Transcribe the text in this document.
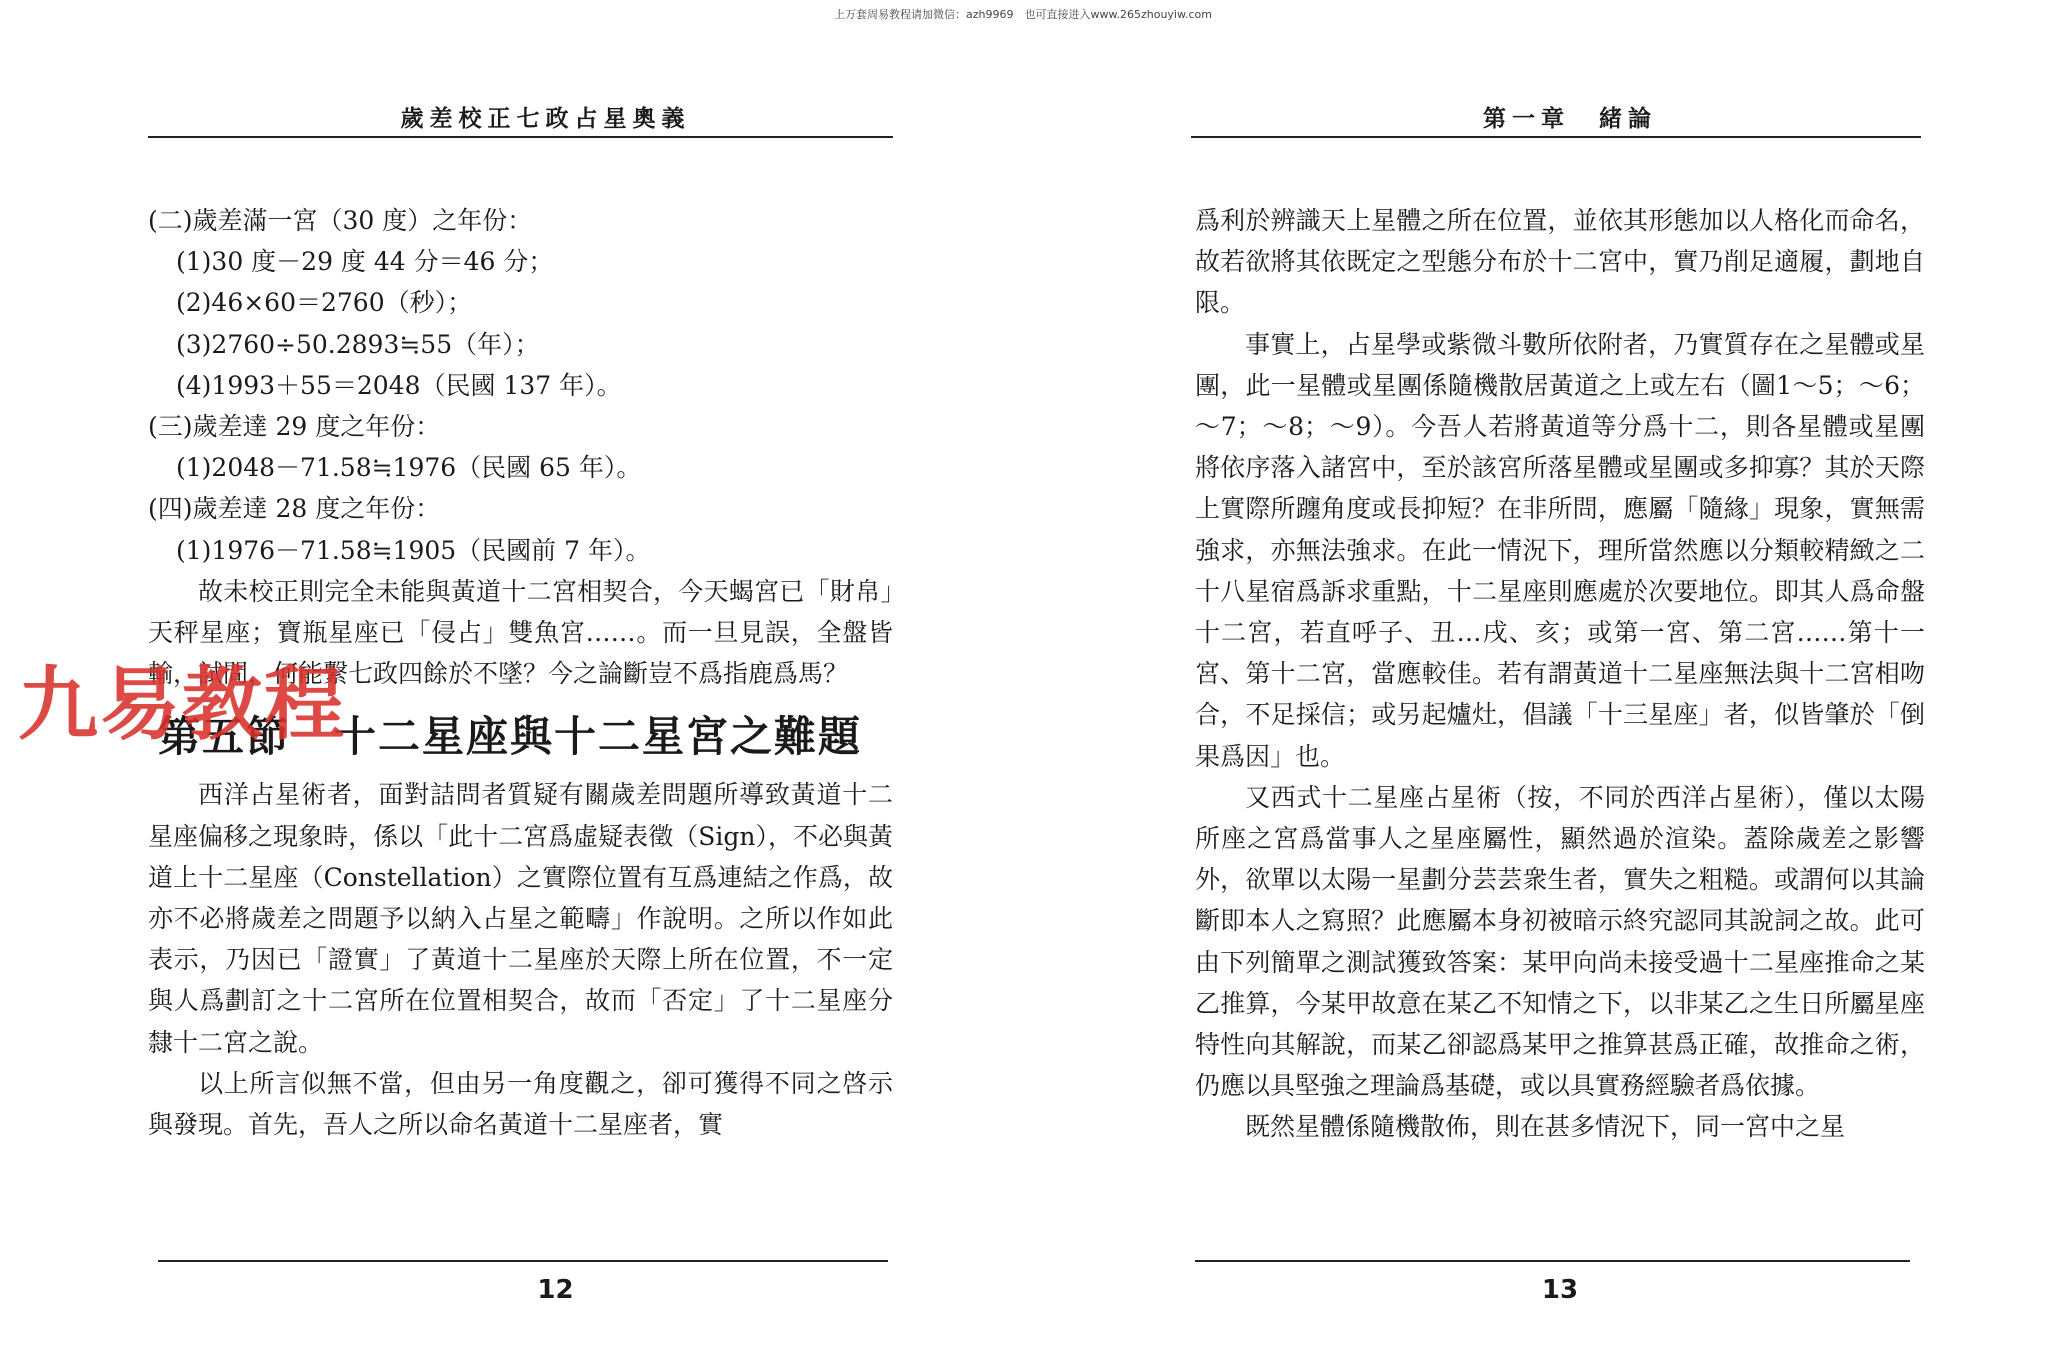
上万套周易教程请加微信：azh9969　也可直接进入www.265zhouyiw.com
歲差校正七政占星奧義

(二)歲差滿一宮（30 度）之年份：

(1)30 度－29 度 44 分＝46 分；

(2)46×60＝2760（秒）；

(3)2760÷50.2893≒55（年）；

(4)1993＋55＝2048（民國 137 年）。

(三)歲差達 29 度之年份：

(1)2048－71.58≒1976（民國 65 年）。

(四)歲差達 28 度之年份：

(1)1976－71.58≒1905（民國前 7 年）。

故未校正則完全未能與黃道十二宮相契合，今天蝎宮已「財帛」天秤星座；寶瓶星座已「侵占」雙魚宮……。而一旦見誤，全盤皆輸，試問，何能繫七政四餘於不墜？今之論斷豈不爲指鹿爲馬？

第五節　十二星座與十二星宮之難題

西洋占星術者，面對詰問者質疑有關歲差問題所導致黃道十二星座偏移之現象時，係以「此十二宮爲虛疑表徵（Sign），不必與黃道上十二星座（Constellation）之實際位置有互爲連結之作爲，故亦不必將歲差之問題予以納入占星之範疇」作說明。之所以作如此表示，乃因已「證實」了黃道十二星座於天際上所在位置，不一定與人爲劃訂之十二宮所在位置相契合，故而「否定」了十二星座分隸十二宮之說。

以上所言似無不當，但由另一角度觀之，卻可獲得不同之啓示與發現。首先，吾人之所以命名黃道十二星座者，實

12
第一章　緒論

爲利於辨識天上星體之所在位置，並依其形態加以人格化而命名，故若欲將其依既定之型態分布於十二宮中，實乃削足適履，劃地自限。

事實上，占星學或紫微斗數所依附者，乃實質存在之星體或星團，此一星體或星團係隨機散居黃道之上或左右（圖1～5；～6；～7；～8；～9）。今吾人若將黃道等分爲十二，則各星體或星團將依序落入諸宮中，至於該宮所落星體或星團或多抑寡？其於天際上實際所躔角度或長抑短？在非所問，應屬「隨緣」現象，實無需強求，亦無法強求。在此一情況下，理所當然應以分類較精緻之二十八星宿爲訴求重點，十二星座則應處於次要地位。即其人爲命盤十二宮，若直呼子、丑…戌、亥；或第一宮、第二宮……第十一宮、第十二宮，當應較佳。若有謂黃道十二星座無法與十二宮相吻合，不足採信；或另起爐灶，倡議「十三星座」者，似皆肇於「倒果爲因」也。

又西式十二星座占星術（按，不同於西洋占星術），僅以太陽所座之宮爲當事人之星座屬性，顯然過於渲染。蓋除歲差之影響外，欲單以太陽一星劃分芸芸衆生者，實失之粗糙。或謂何以其論斷即本人之寫照？此應屬本身初被暗示終究認同其說詞之故。此可由下列簡單之測試獲致答案：某甲向尚未接受過十二星座推命之某乙推算，今某甲故意在某乙不知情之下，以非某乙之生日所屬星座特性向其解說，而某乙卻認爲某甲之推算甚爲正確，故推命之術，仍應以具堅強之理論爲基礎，或以具實務經驗者爲依據。

既然星體係隨機散佈，則在甚多情況下，同一宮中之星

13
九易教程
